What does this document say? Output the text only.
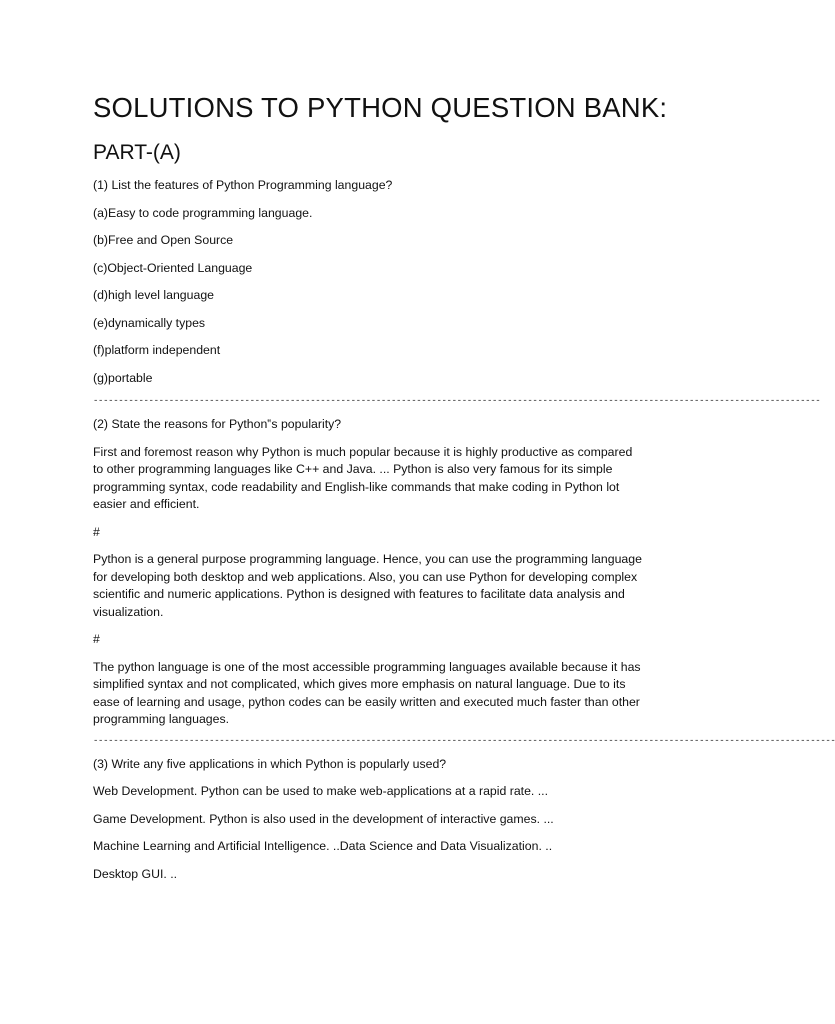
SOLUTIONS TO PYTHON QUESTION BANK:
PART-(A)

(1) List the features of Python Programming language?

(a)Easy to code programming language.

(b)Free and Open Source

(c)Object-Oriented Language

(d)high level language

(e)dynamically types

(f)platform independent

(g)portable

------------------------------------------------------------------------------------------------------------------------------------------------

(2) State the reasons for Python‟s popularity?

First and foremost reason why Python is much popular because it is highly productive as compared
to other programming languages like C++ and Java. ... Python is also very famous for its simple
programming syntax, code readability and English-like commands that make coding in Python lot
easier and efficient.

#

Python is a general purpose programming language. Hence, you can use the programming language
for developing both desktop and web applications. Also, you can use Python for developing complex
scientific and numeric applications. Python is designed with features to facilitate data analysis and
visualization.

#

The python language is one of the most accessible programming languages available because it has
simplified syntax and not complicated, which gives more emphasis on natural language. Due to its
ease of learning and usage, python codes can be easily written and executed much faster than other
programming languages.

---------------------------------------------------------------------------------------------------------------------------------------------------

(3) Write any five applications in which Python is popularly used?

Web Development. Python can be used to make web-applications at a rapid rate. ...

Game Development. Python is also used in the development of interactive games. ...

Machine Learning and Artificial Intelligence. ..Data Science and Data Visualization. ..

Desktop GUI. ..
